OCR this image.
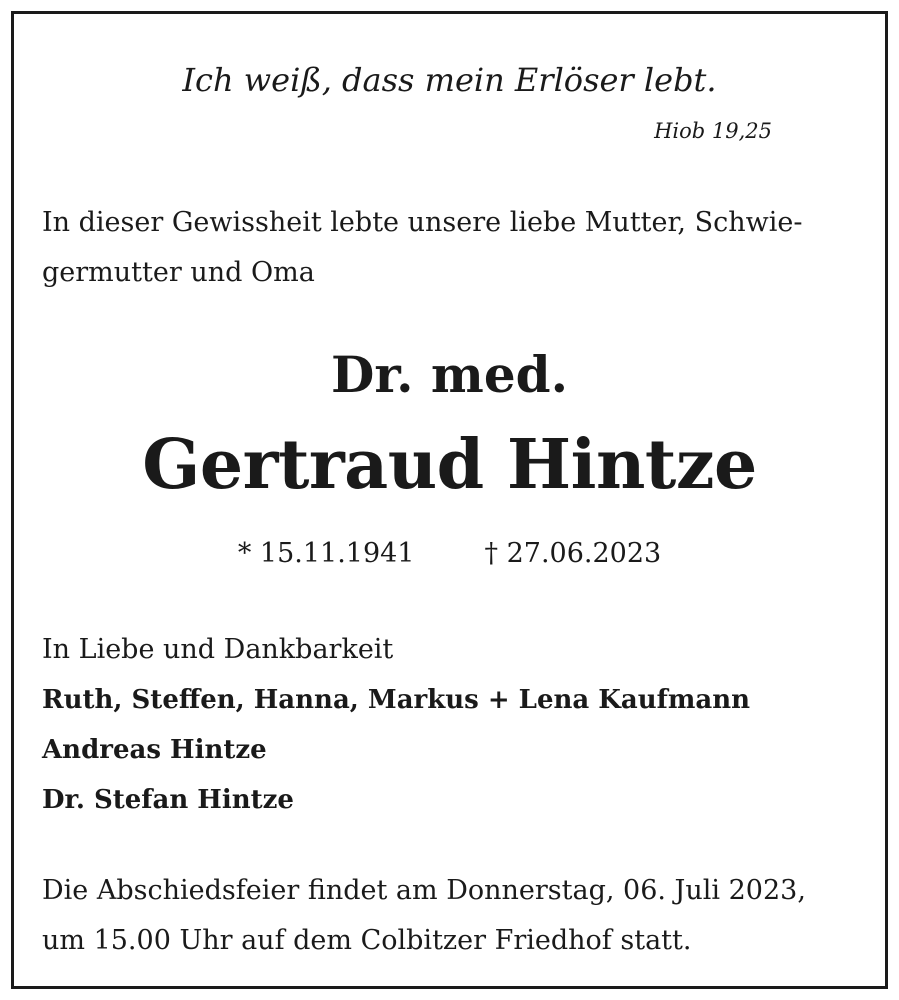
Ich weiß, dass mein Erlöser lebt.
Hiob 19,25
In dieser Gewissheit lebte unsere liebe Mutter, Schwie-
germutter und Oma
Dr. med.
Gertraud Hintze
* 15.11.1941	† 27.06.2023
In Liebe und Dankbarkeit
Ruth, Steffen, Hanna, Markus + Lena Kaufmann
Andreas Hintze
Dr. Stefan Hintze
Die Abschiedsfeier findet am Donnerstag, 06. Juli 2023,
um 15.00 Uhr auf dem Colbitzer Friedhof statt.
